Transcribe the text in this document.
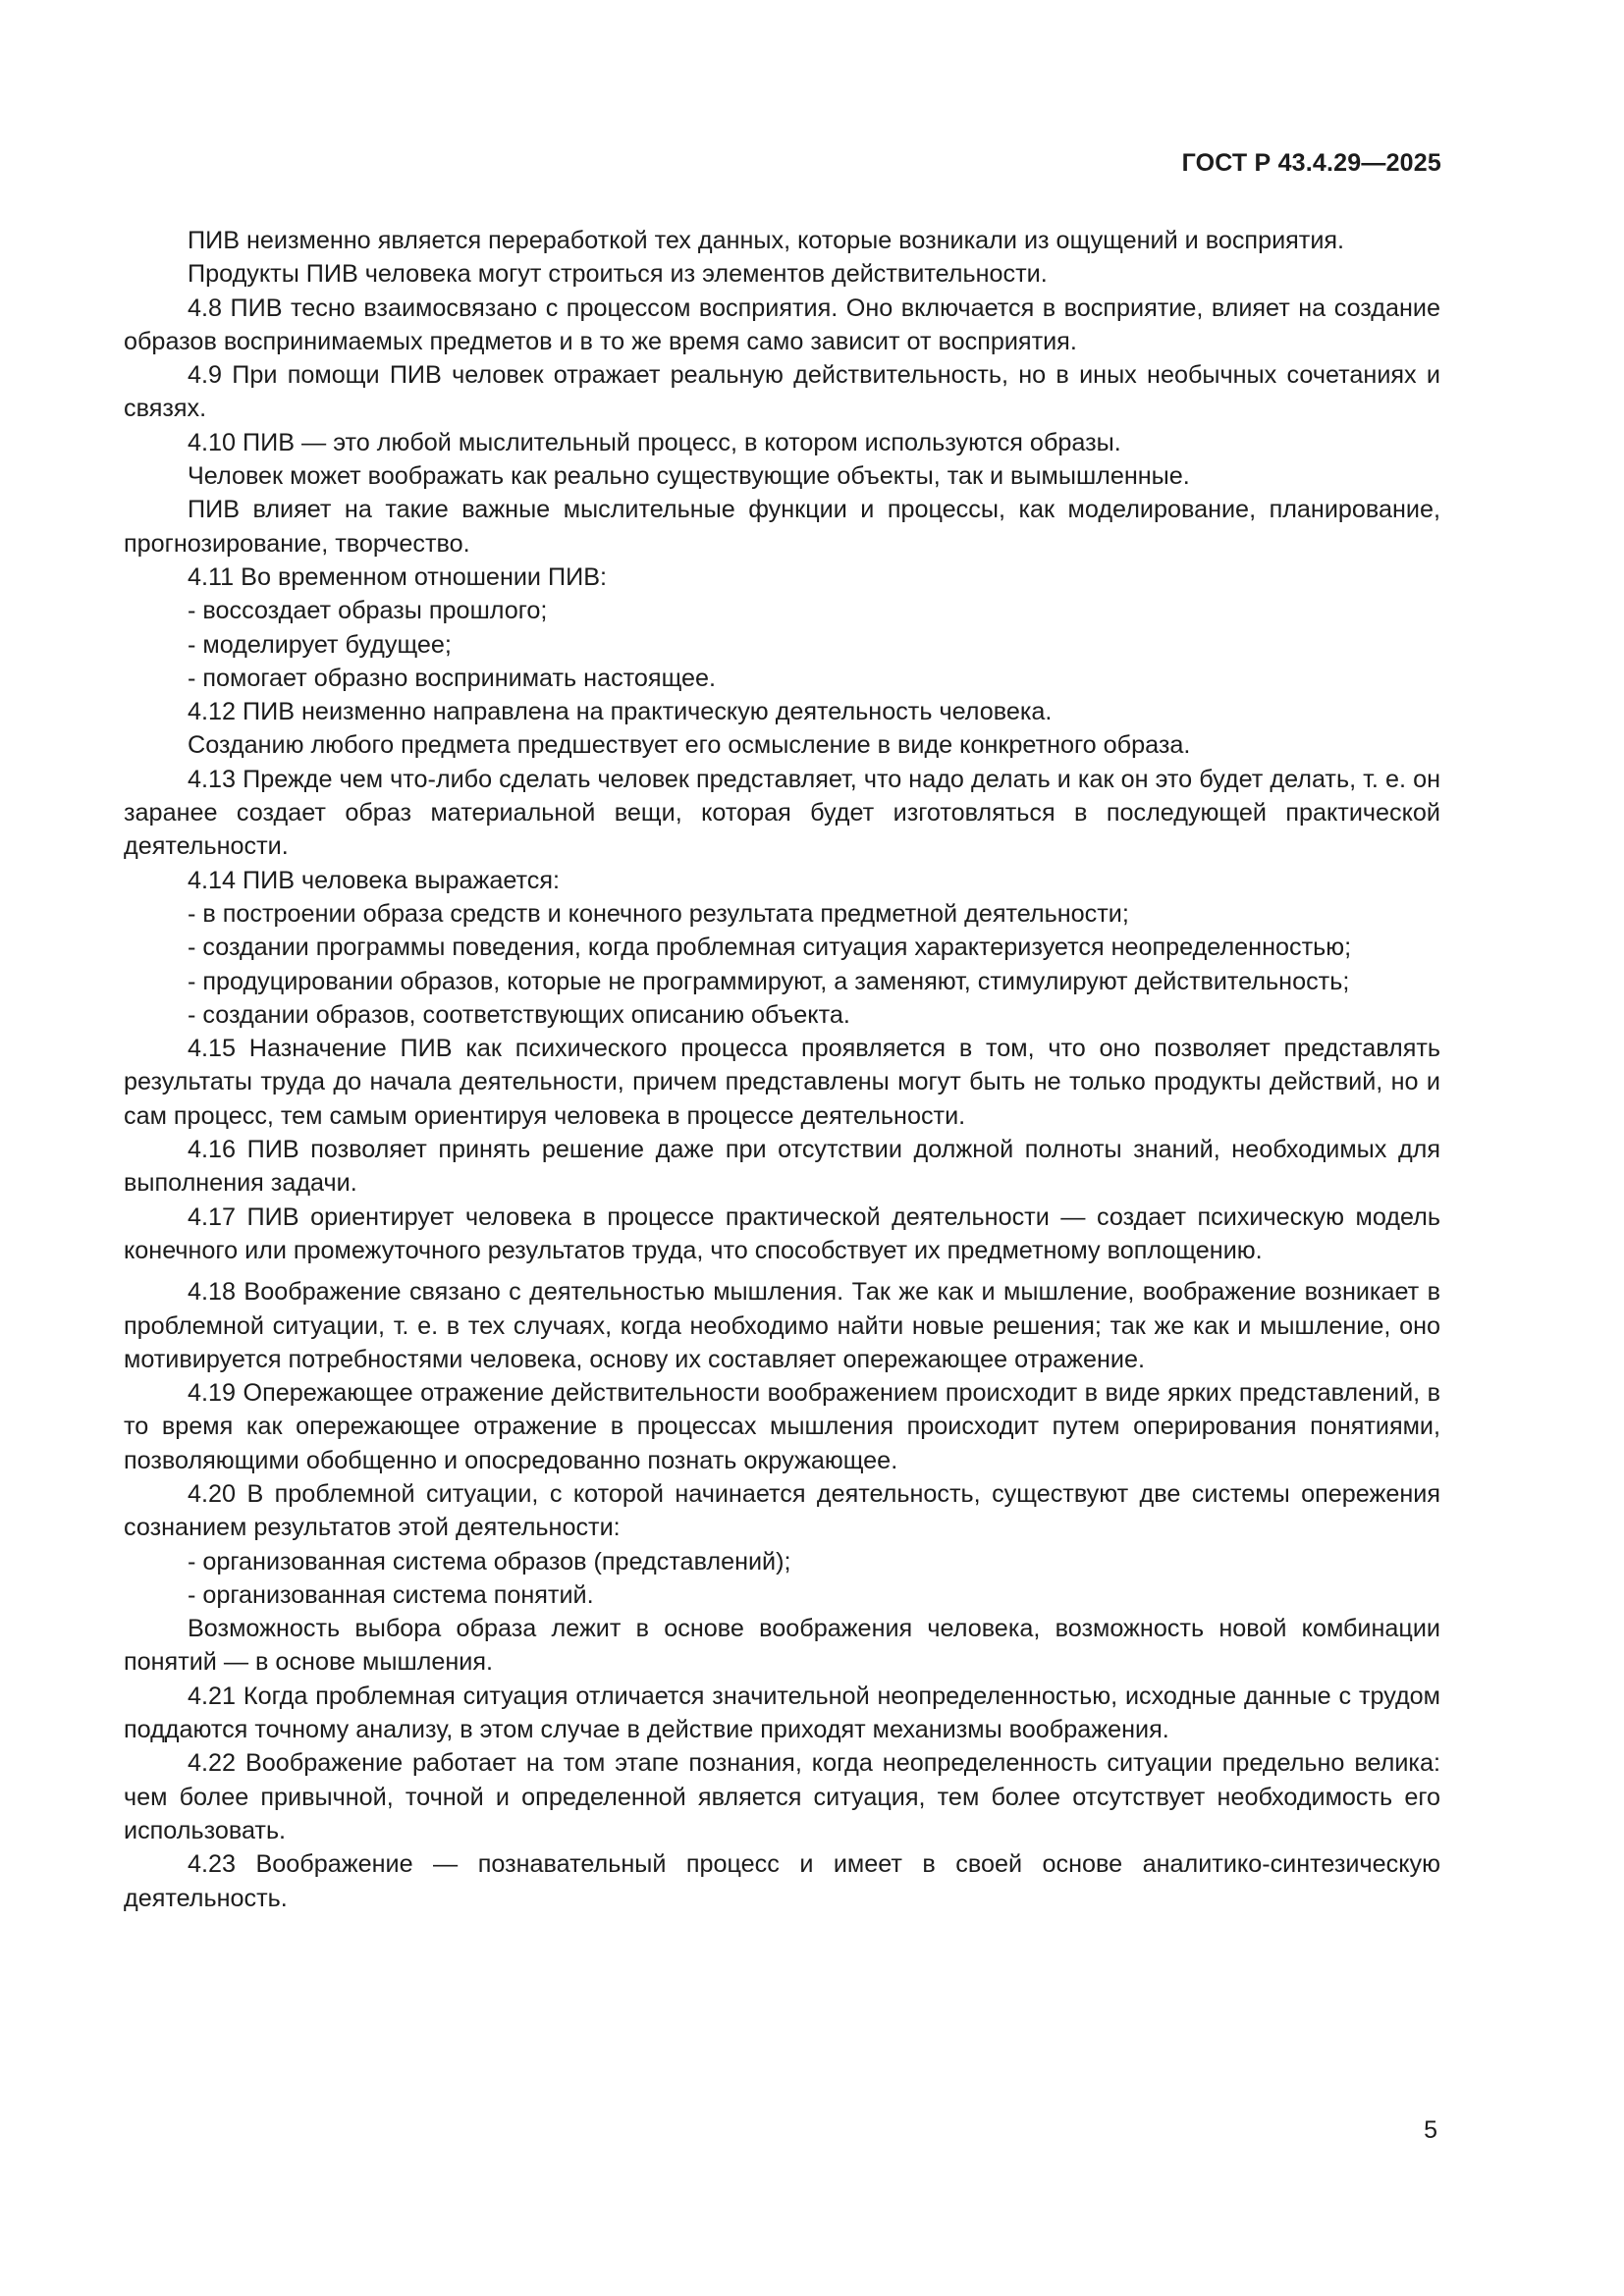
ГОСТ Р 43.4.29—2025

ПИВ неизменно является переработкой тех данных, которые возникали из ощущений и восприятия.

Продукты ПИВ человека могут строиться из элементов действительности.

4.8 ПИВ тесно взаимосвязано с процессом восприятия. Оно включается в восприятие, влияет на создание образов воспринимаемых предметов и в то же время само зависит от восприятия.

4.9 При помощи ПИВ человек отражает реальную действительность, но в иных необычных сочетаниях и связях.

4.10 ПИВ — это любой мыслительный процесс, в котором используются образы.

Человек может воображать как реально существующие объекты, так и вымышленные.

ПИВ влияет на такие важные мыслительные функции и процессы, как моделирование, планирование, прогнозирование, творчество.

4.11 Во временном отношении ПИВ:

- воссоздает образы прошлого;

- моделирует будущее;

- помогает образно воспринимать настоящее.

4.12 ПИВ неизменно направлена на практическую деятельность человека.

Созданию любого предмета предшествует его осмысление в виде конкретного образа.

4.13 Прежде чем что-либо сделать человек представляет, что надо делать и как он это будет делать, т. е. он заранее создает образ материальной вещи, которая будет изготовляться в последующей практической деятельности.

4.14 ПИВ человека выражается:

- в построении образа средств и конечного результата предметной деятельности;

- создании программы поведения, когда проблемная ситуация характеризуется неопределенностью;

- продуцировании образов, которые не программируют, а заменяют, стимулируют действительность;

- создании образов, соответствующих описанию объекта.

4.15 Назначение ПИВ как психического процесса проявляется в том, что оно позволяет представлять результаты труда до начала деятельности, причем представлены могут быть не только продукты действий, но и сам процесс, тем самым ориентируя человека в процессе деятельности.

4.16 ПИВ позволяет принять решение даже при отсутствии должной полноты знаний, необходимых для выполнения задачи.

4.17 ПИВ ориентирует человека в процессе практической деятельности — создает психическую модель конечного или промежуточного результатов труда, что способствует их предметному воплощению.

4.18 Воображение связано с деятельностью мышления. Так же как и мышление, воображение возникает в проблемной ситуации, т. е. в тех случаях, когда необходимо найти новые решения; так же как и мышление, оно мотивируется потребностями человека, основу их составляет опережающее отражение.

4.19 Опережающее отражение действительности воображением происходит в виде ярких представлений, в то время как опережающее отражение в процессах мышления происходит путем оперирования понятиями, позволяющими обобщенно и опосредованно познать окружающее.

4.20 В проблемной ситуации, с которой начинается деятельность, существуют две системы опережения сознанием результатов этой деятельности:

- организованная система образов (представлений);

- организованная система понятий.

Возможность выбора образа лежит в основе воображения человека, возможность новой комбинации понятий — в основе мышления.

4.21 Когда проблемная ситуация отличается значительной неопределенностью, исходные данные с трудом поддаются точному анализу, в этом случае в действие приходят механизмы воображения.

4.22 Воображение работает на том этапе познания, когда неопределенность ситуации предельно велика: чем более привычной, точной и определенной является ситуация, тем более отсутствует необходимость его использовать.

4.23 Воображение — познавательный процесс и имеет в своей основе аналитико-синтезическую деятельность.

5
